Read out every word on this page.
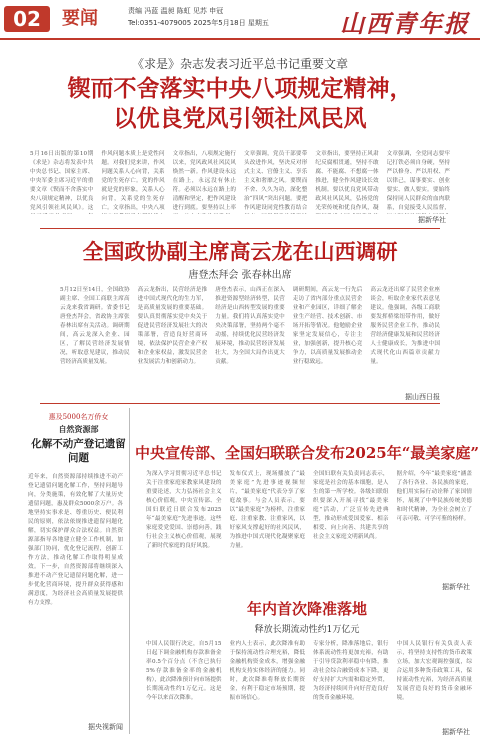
02	要闻	责编 冯蓝 温昶 陈虹 见苏 申冠
Tel:0351-4079005 2025年5月18日 星期五	山西青年报
《求是》杂志发表习近平总书记重要文章
锲而不舍落实中央八项规定精神，
以优良党风引领社风民风
5月16日出版的第10期《求是》杂志将发表中共中央总书记、国家主席、中央军委主席习近平的重要文章《锲而不舍落实中央八项规定精神，以优良党风引领社风民风》。这
作风问题本质上是党性问题。对我们党来讲，作风问题关系人心向背，关系党的生死存亡。党的作风就是党的形象，关系人心向背，关系党的生死存亡。文章指出，中央八项
文章指出，八项规定施行以来，党风政风社风民风焕然一新。作风建设永远在路上，永远没有休止符。必须以永远在路上的清醒和坚定，把作风建设进行到底。要坚持以上率
文章强调，党员干部要带头改进作风，坚决反对形式主义、官僚主义、享乐主义和奢靡之风。要锲而不舍、久久为功，深化整治“四风”突出问题。要把作风建设同党性教育结合
文章指出，要坚持正风肃纪反腐相贯通，坚持不敢腐、不能腐、不想腐一体推进，健全作风建设长效机制。要以优良党风带动政风社风民风，弘扬党的光荣传统和优良作风，凝
文章强调，全党同志要牢记打铁必须自身硬，坚持严以修身、严以用权、严以律己，谋事要实、创业要实、做人要实。要始终保持同人民群众的血肉联系，自觉接受人民监督，
据新华社
全国政协副主席高云龙在山西调研
唐登杰拜会 张春林出席
5月12日至14日，全国政协副主席、全国工商联主席高云龙来我省调研。省委书记唐登杰拜会，省政协主席张春林出席有关活动。调研期间，高云龙深入企业、园区，了解民营经济发展情况，听取意见建议，推动民营经济高质量发展。
高云龙指出，民营经济是推进中国式现代化的生力军，是高质量发展的重要基础。要认真贯彻落实党中央关于促进民营经济发展壮大的决策部署，营造良好营商环境，依法保护民营企业产权和企业家权益，激发民营企业发展活力和创新动力。
唐登杰表示，山西正在深入推进资源型经济转型，民营经济是山西转型发展的重要力量。我们将认真落实党中央决策部署，坚持两个毫不动摇，持续优化民营经济发展环境，推动民营经济发展壮大，为全国大局作出更大贡献。
调研期间，高云龙一行先后走访了省内部分重点民营企业和产业园区，详细了解企业生产经营、技术创新、市场开拓等情况。他勉励企业家坚定发展信心，专注主业，加强创新，提升核心竞争力，以高质量发展推动企业行稳致远。
高云龙还出席了民营企业座谈会，听取企业家代表意见建议。他强调，各级工商联要发挥桥梁纽带作用，做好服务民营企业工作，推动民营经济健康发展和民营经济人士健康成长，为推进中国式现代化山西篇章贡献力量。
据山西日报
惠及5000名万侨女
自然资源部
化解不动产登记遗留问题
近年来，自然资源部持续推进不动产登记遗留问题化解工作，坚持问题导向，分类施策，有效化解了大量历史遗留问题，惠及群众5000余万户。各地坚持实事求是、尊重历史、便民利民的原则，依法依规推进遗留问题化解，切实保护群众合法权益。自然资源部指导各地建立健全工作机制，加强部门协同，优化登记流程，创新工作方法，推动化解工作取得明显成效。下一步，自然资源部将继续深入推进不动产登记遗留问题化解，进一步优化营商环境，提升群众获得感和满意度，为经济社会高质量发展提供有力支撑。
据央视新闻
中央宣传部、全国妇联联合发布2025年“最美家庭”
为深入学习贯彻习近平总书记关于注重家庭家教家风建设的重要论述，大力弘扬社会主义核心价值观，中央宣传部、全国妇联近日联合发布2025年“最美家庭”先进事迹。这些家庭爱党爱国、崇德向善，践行社会主义核心价值观，展现了新时代家庭的良好风貌。
发布仪式上，现场播放了“最美家庭”先进事迹视频短片，“最美家庭”代表分享了家庭故事。与会人员表示，要以“最美家庭”为榜样，注重家庭、注重家教、注重家风，以好家风支撑起好的社风民风，为推进中国式现代化凝聚家庭力量。
全国妇联有关负责同志表示，家庭是社会的基本细胞，是人生的第一所学校。各级妇联组织要深入开展寻找“最美家庭”活动，广泛宣传先进典型，推动形成爱国爱家、相亲相爱、向上向善、共建共享的社会主义家庭文明新风尚。
据介绍，今年“最美家庭”涵盖了各行各业、各民族的家庭，他们用实际行动诠释了家国情怀，展现了中华民族传统美德和时代精神，为全社会树立了可亲可敬、可学可鉴的榜样。
据新华社
年内首次降准落地
释放长期流动性约1万亿元
中国人民银行决定，自5月15日起下调金融机构存款准备金率0.5个百分点（不含已执行5%存款准备金率的金融机构），此次降准预计向市场提供长期流动性约1万亿元。这是今年以来首次降准。
业内人士表示，此次降准有助于保持流动性合理充裕，降低金融机构资金成本，增强金融机构支持实体经济的能力。同时，此次降准将释放长期资金，有利于稳定市场预期，提振市场信心。
专家分析，降准落地后，银行体系流动性将更加充裕，有助于引导贷款利率稳中有降，推动社会综合融资成本下降，更好支持扩大内需和稳定外贸，为经济持续回升向好营造良好的货币金融环境。
中国人民银行有关负责人表示，将坚持支持性的货币政策立场，加大宏观调控强度，综合运用多种货币政策工具，保持流动性充裕，为经济高质量发展营造良好的货币金融环境。
据新华社
